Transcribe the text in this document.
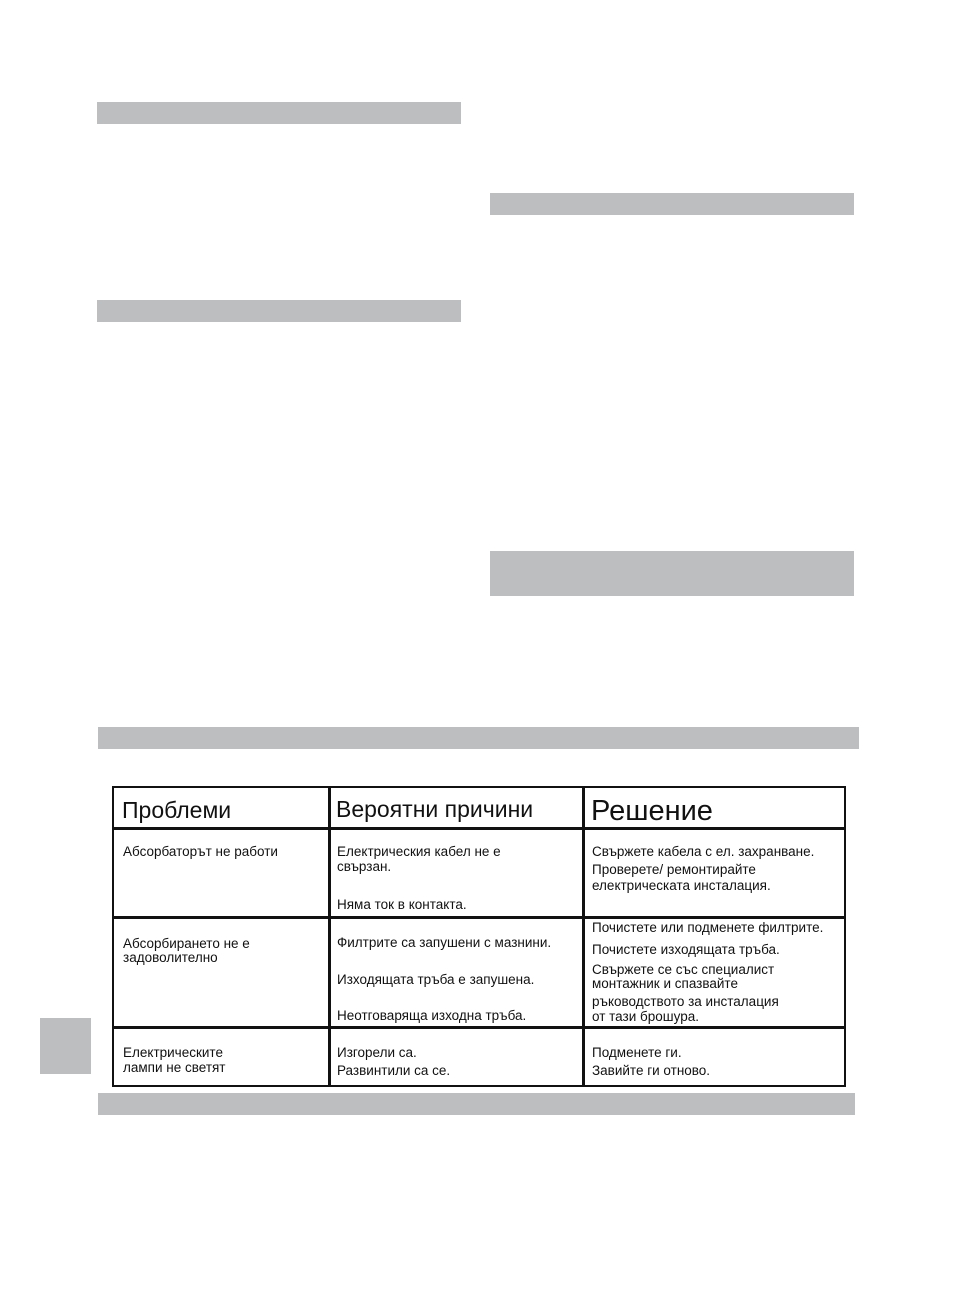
Проблеми	Вероятни причини Решение
Абсорбаторът не работи	Електрическия кабел не е
свързан.
Няма ток в контакта.
Свържете кабела с ел. захранване.
Проверете/ ремонтирайте
електрическата инсталация.
Абсорбирането не е
задоволително
Филтрите са запушени с мазнини.
Изходящата тръба е запушена.
Неотговаряща изходна тръба.
Почистете или подменете филтрите.
Почистете изходящата тръба.
Свържете се със специалист
монтажник и спазвайте
ръководството за инсталация
от тази брошура.
Електрическите
лампи не светят
Изгорели са.
Развинтили са се.
Подменете ги.
Завийте ги отново.
